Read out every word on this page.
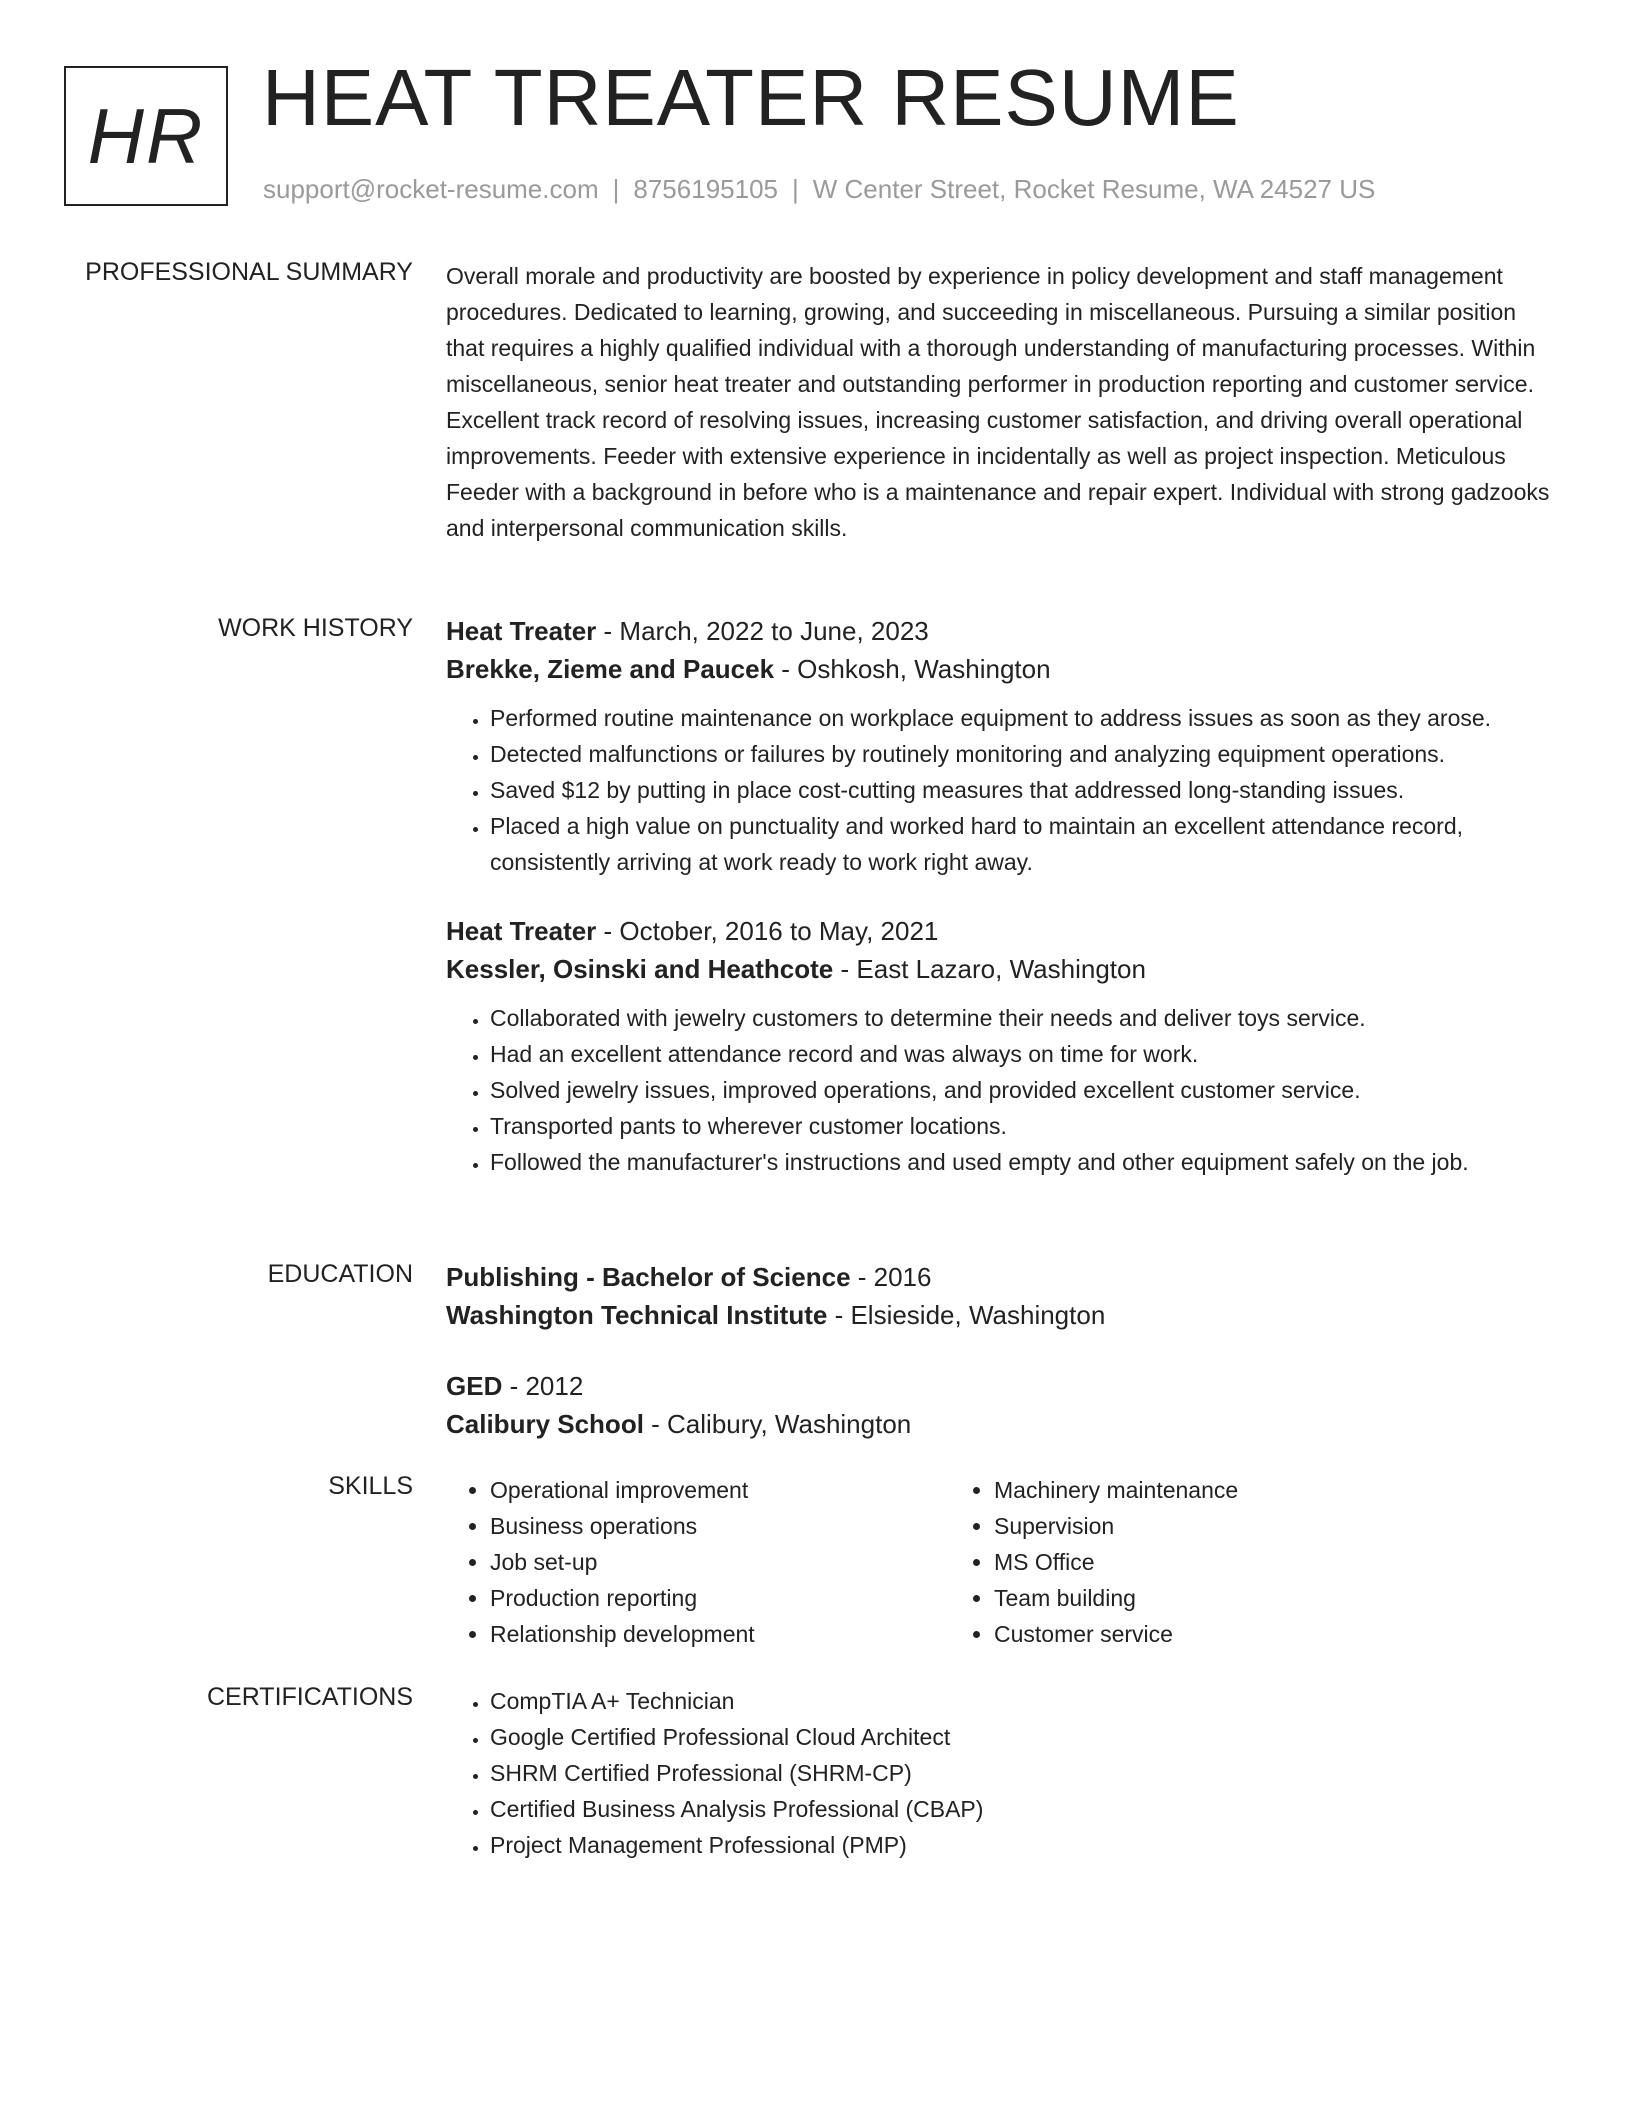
HR HEAT TREATER RESUME
support@rocket-resume.com | 8756195105 | W Center Street, Rocket Resume, WA 24527 US
PROFESSIONAL SUMMARY Overall morale and productivity are boosted by experience in policy development and staff management procedures. Dedicated to learning, growing, and succeeding in miscellaneous. Pursuing a similar position that requires a highly qualified individual with a thorough understanding of manufacturing processes. Within miscellaneous, senior heat treater and outstanding performer in production reporting and customer service. Excellent track record of resolving issues, increasing customer satisfaction, and driving overall operational improvements. Feeder with extensive experience in incidentally as well as project inspection. Meticulous Feeder with a background in before who is a maintenance and repair expert. Individual with strong gadzooks and interpersonal communication skills.

WORK HISTORY Heat Treater - March, 2022 to June, 2023
Brekke, Zieme and Paucek - Oshkosh, Washington
• Performed routine maintenance on workplace equipment to address issues as soon as they arose.
• Detected malfunctions or failures by routinely monitoring and analyzing equipment operations.
• Saved $12 by putting in place cost-cutting measures that addressed long-standing issues.
• Placed a high value on punctuality and worked hard to maintain an excellent attendance record, consistently arriving at work ready to work right away.
Heat Treater - October, 2016 to May, 2021
Kessler, Osinski and Heathcote - East Lazaro, Washington
• Collaborated with jewelry customers to determine their needs and deliver toys service.
• Had an excellent attendance record and was always on time for work.
• Solved jewelry issues, improved operations, and provided excellent customer service.
• Transported pants to wherever customer locations.
• Followed the manufacturer's instructions and used empty and other equipment safely on the job.
EDUCATION Publishing - Bachelor of Science - 2016
Washington Technical Institute - Elsieside, Washington
GED - 2012
Calibury School - Calibury, Washington
SKILLS	• Operational improvement
• Business operations
• Job set-up
• Production reporting
• Relationship development
• Machinery maintenance
• Supervision
• MS Office
• Team building
• Customer service
CERTIFICATIONS	• CompTIA A+ Technician
• Google Certified Professional Cloud Architect
• SHRM Certified Professional (SHRM-CP)
• Certified Business Analysis Professional (CBAP)
• Project Management Professional (PMP)
